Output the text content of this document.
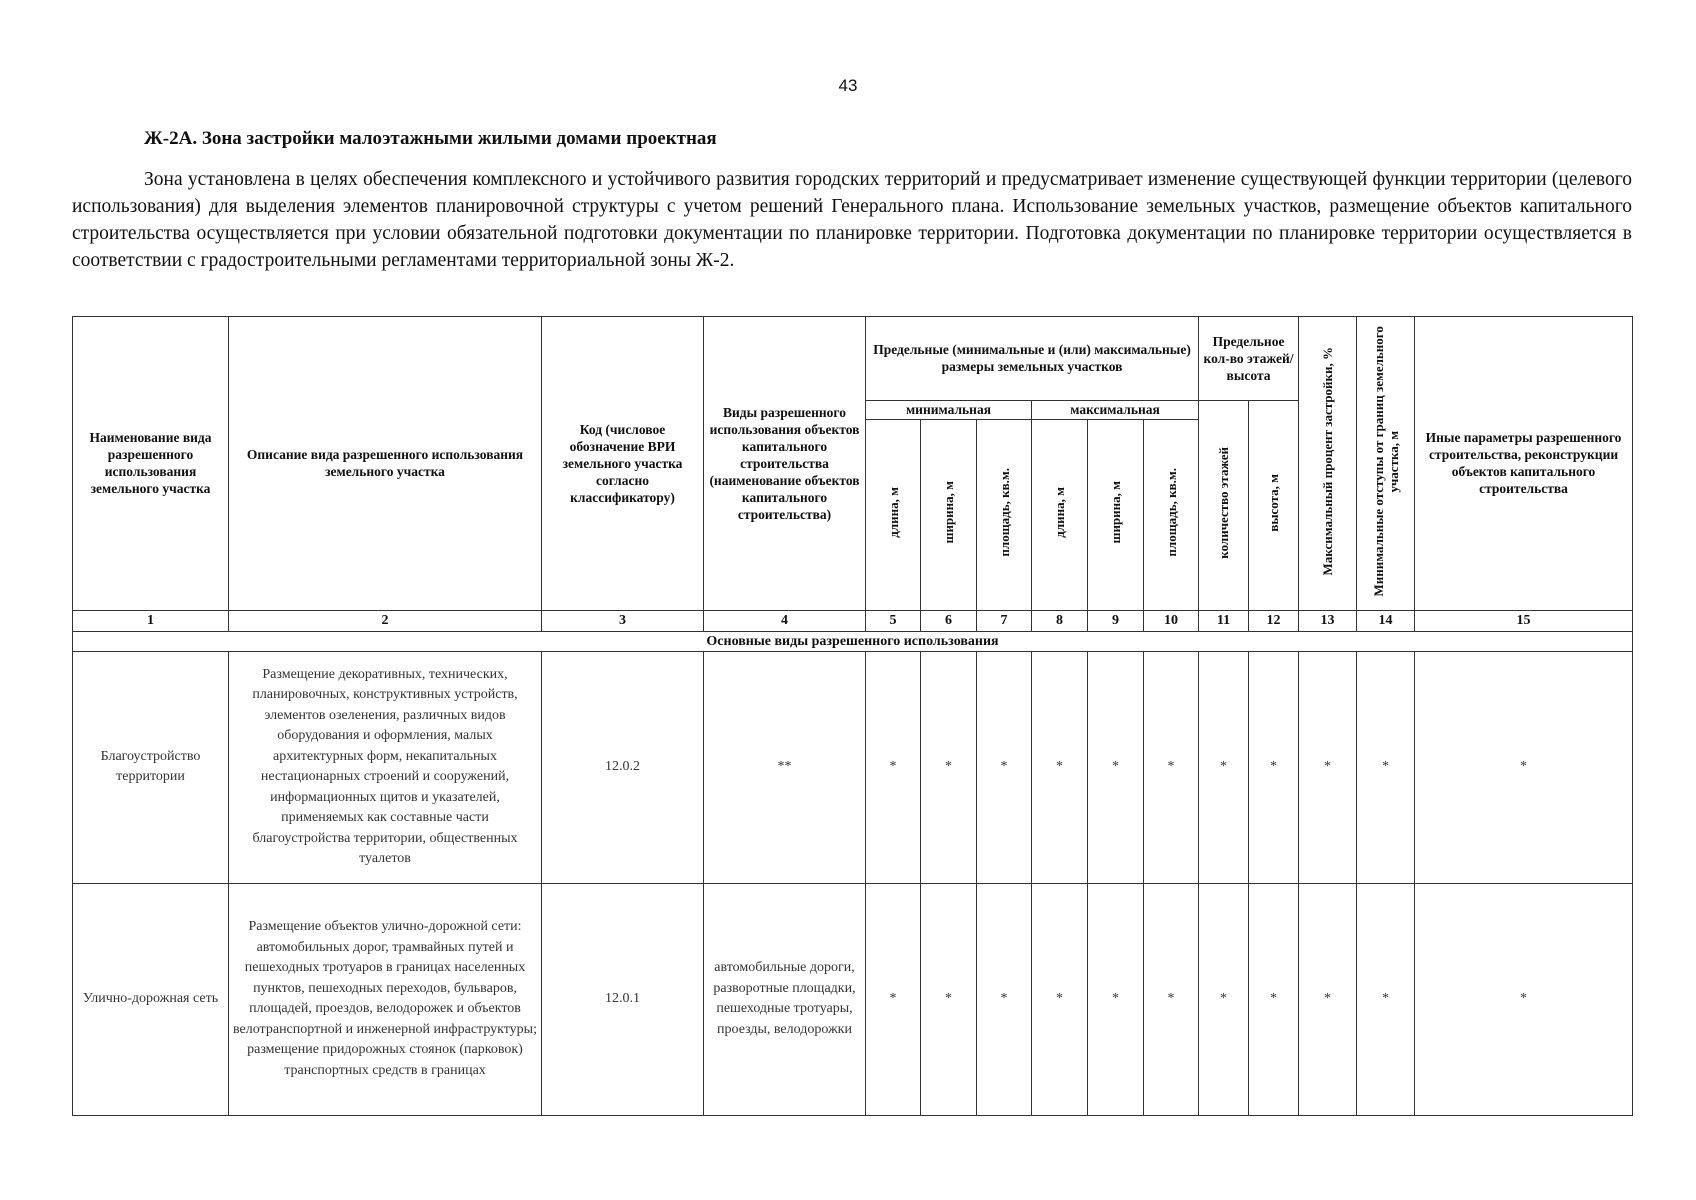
43
Ж-2А. Зона застройки малоэтажными жилыми домами проектная

Зона установлена в целях обеспечения комплексного и устойчивого развития городских территорий и предусматривает изменение существующей функции территории (целевого использования) для выделения элементов планировочной структуры с учетом решений Генерального плана. Использование земельных участков, размещение объектов капитального строительства осуществляется при условии обязательной подготовки документации по планировке территории. Подготовка документации по планировке территории осуществляется в соответствии с градостроительными регламентами территориальной зоны Ж-2.

Наименование вида разрешенного использования земельного участка	Описание вида разрешенного использования земельного участка	Код (числовое обозначение ВРИ земельного участка согласно классификатору)	Виды разрешенного использования объектов капитального строительства (наименование объектов капитального строительства)	Предельные (минимальные и (или) максимальные) размеры земельных участков						Предельное кол-во этажей/ высота		Максимальный процент застройки, %	Минимальные отступы от границ земельного участка, м	Иные параметры разрешенного строительства, реконструкции объектов капитального строительства
				минимальная			максимальная			количество этажей	высота, м			
				длина, м	ширина, м	площадь, кв.м.	длина, м	ширина, м	площадь, кв.м.					
1	2	3	4	5	6	7	8	9	10	11	12	13	14	15
Основные виды разрешенного использования														
Благоустройство территории	Размещение декоративных, технических, планировочных, конструктивных устройств, элементов озеленения, различных видов оборудования и оформления, малых архитектурных форм, некапитальных нестационарных строений и сооружений, информационных щитов и указателей, применяемых как составные части благоустройства территории, общественных туалетов	12.0.2	**	*	*	*	*	*	*	*	*	*	*	*
Улично-дорожная сеть	Размещение объектов улично-дорожной сети: автомобильных дорог, трамвайных путей и пешеходных тротуаров в границах населенных пунктов, пешеходных переходов, бульваров, площадей, проездов, велодорожек и объектов велотранспортной и инженерной инфраструктуры; размещение придорожных стоянок (парковок) транспортных средств в границах	12.0.1	автомобильные дороги, разворотные площадки, пешеходные тротуары, проезды, велодорожки	*	*	*	*	*	*	*	*	*	*	*
